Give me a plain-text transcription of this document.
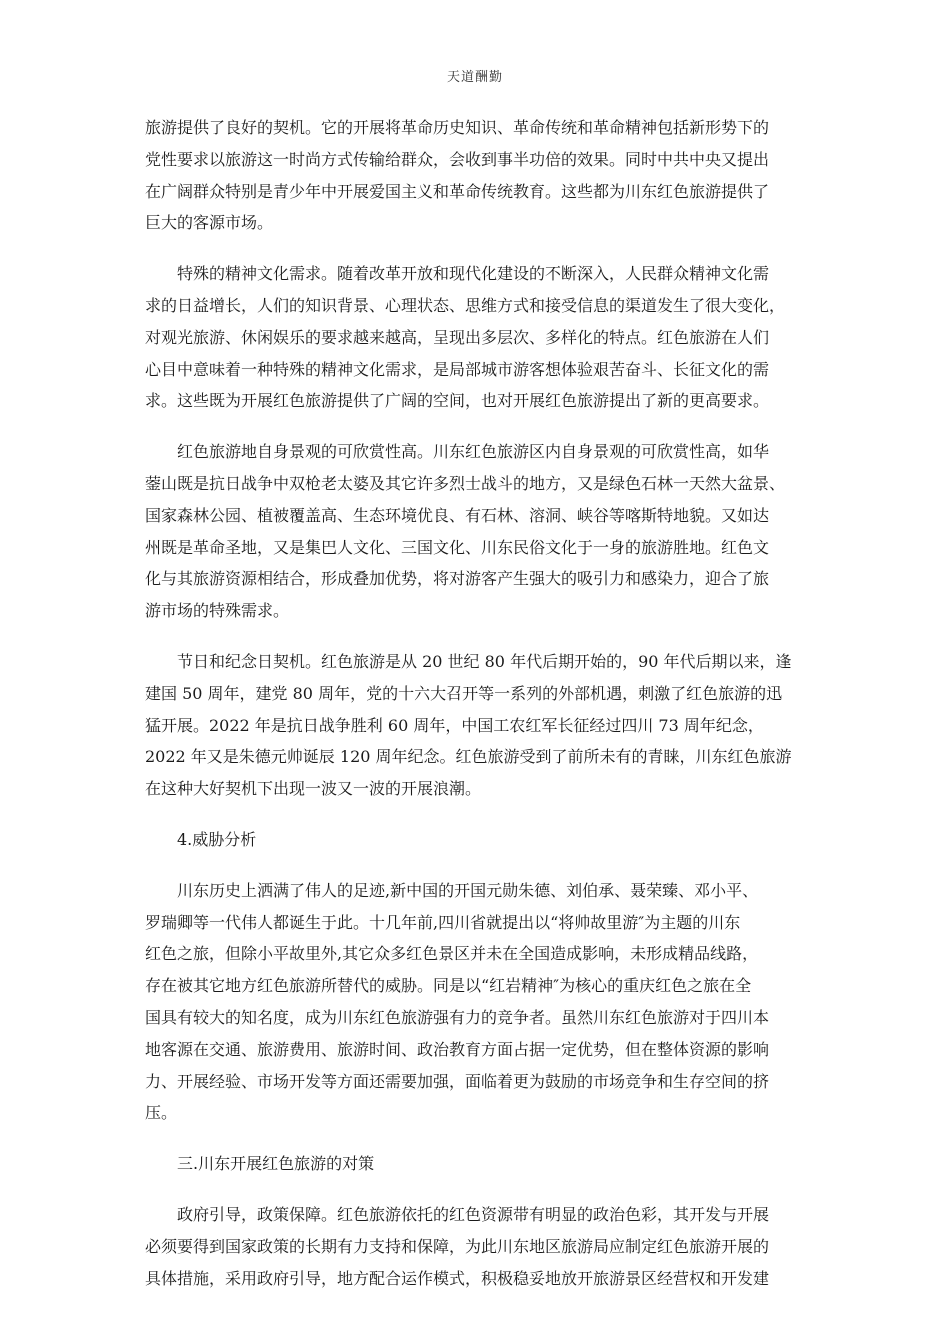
天道酬勤
旅游提供了良好的契机。它的开展将革命历史知识、革命传统和革命精神包括新形势下的
党性要求以旅游这一时尚方式传输给群众，会收到事半功倍的效果。同时中共中央又提出
在广阔群众特别是青少年中开展爱国主义和革命传统教育。这些都为川东红色旅游提供了
巨大的客源市场。
　　特殊的精神文化需求。随着改革开放和现代化建设的不断深入，人民群众精神文化需
求的日益增长，人们的知识背景、心理状态、思维方式和接受信息的渠道发生了很大变化，
对观光旅游、休闲娱乐的要求越来越高，呈现出多层次、多样化的特点。红色旅游在人们
心目中意味着一种特殊的精神文化需求，是局部城市游客想体验艰苦奋斗、长征文化的需
求。这些既为开展红色旅游提供了广阔的空间，也对开展红色旅游提出了新的更高要求。
　　红色旅游地自身景观的可欣赏性高。川东红色旅游区内自身景观的可欣赏性高，如华
蓥山既是抗日战争中双枪老太婆及其它许多烈士战斗的地方，又是绿色石林一天然大盆景、
国家森林公园、植被覆盖高、生态环境优良、有石林、溶洞、峡谷等喀斯特地貌。又如达
州既是革命圣地，又是集巴人文化、三国文化、川东民俗文化于一身的旅游胜地。红色文
化与其旅游资源相结合，形成叠加优势，将对游客产生强大的吸引力和感染力，迎合了旅
游市场的特殊需求。
　　节日和纪念日契机。红色旅游是从 20 世纪 80 年代后期开始的，90 年代后期以来，逢
建国 50 周年，建党 80 周年，党的十六大召开等一系列的外部机遇，刺激了红色旅游的迅
猛开展。2022 年是抗日战争胜利 60 周年，中国工农红军长征经过四川 73 周年纪念，
2022 年又是朱德元帅诞辰 120 周年纪念。红色旅游受到了前所未有的青睐，川东红色旅游
在这种大好契机下出现一波又一波的开展浪潮。
4.威胁分析
　　川东历史上洒满了伟人的足迹,新中国的开国元勋朱德、刘伯承、聂荣臻、邓小平、
罗瑞卿等一代伟人都诞生于此。十几年前,四川省就提出以“将帅故里游″为主题的川东
红色之旅，但除小平故里外,其它众多红色景区并未在全国造成影响，未形成精品线路，
存在被其它地方红色旅游所替代的威胁。同是以“红岩精神″为核心的重庆红色之旅在全
国具有较大的知名度，成为川东红色旅游强有力的竞争者。虽然川东红色旅游对于四川本
地客源在交通、旅游费用、旅游时间、政治教育方面占据一定优势，但在整体资源的影响
力、开展经验、市场开发等方面还需要加强，面临着更为鼓励的市场竞争和生存空间的挤
压。
三.川东开展红色旅游的对策
　　政府引导，政策保障。红色旅游依托的红色资源带有明显的政治色彩，其开发与开展
必须要得到国家政策的长期有力支持和保障，为此川东地区旅游局应制定红色旅游开展的
具体措施，采用政府引导，地方配合运作模式，积极稳妥地放开旅游景区经营权和开发建
